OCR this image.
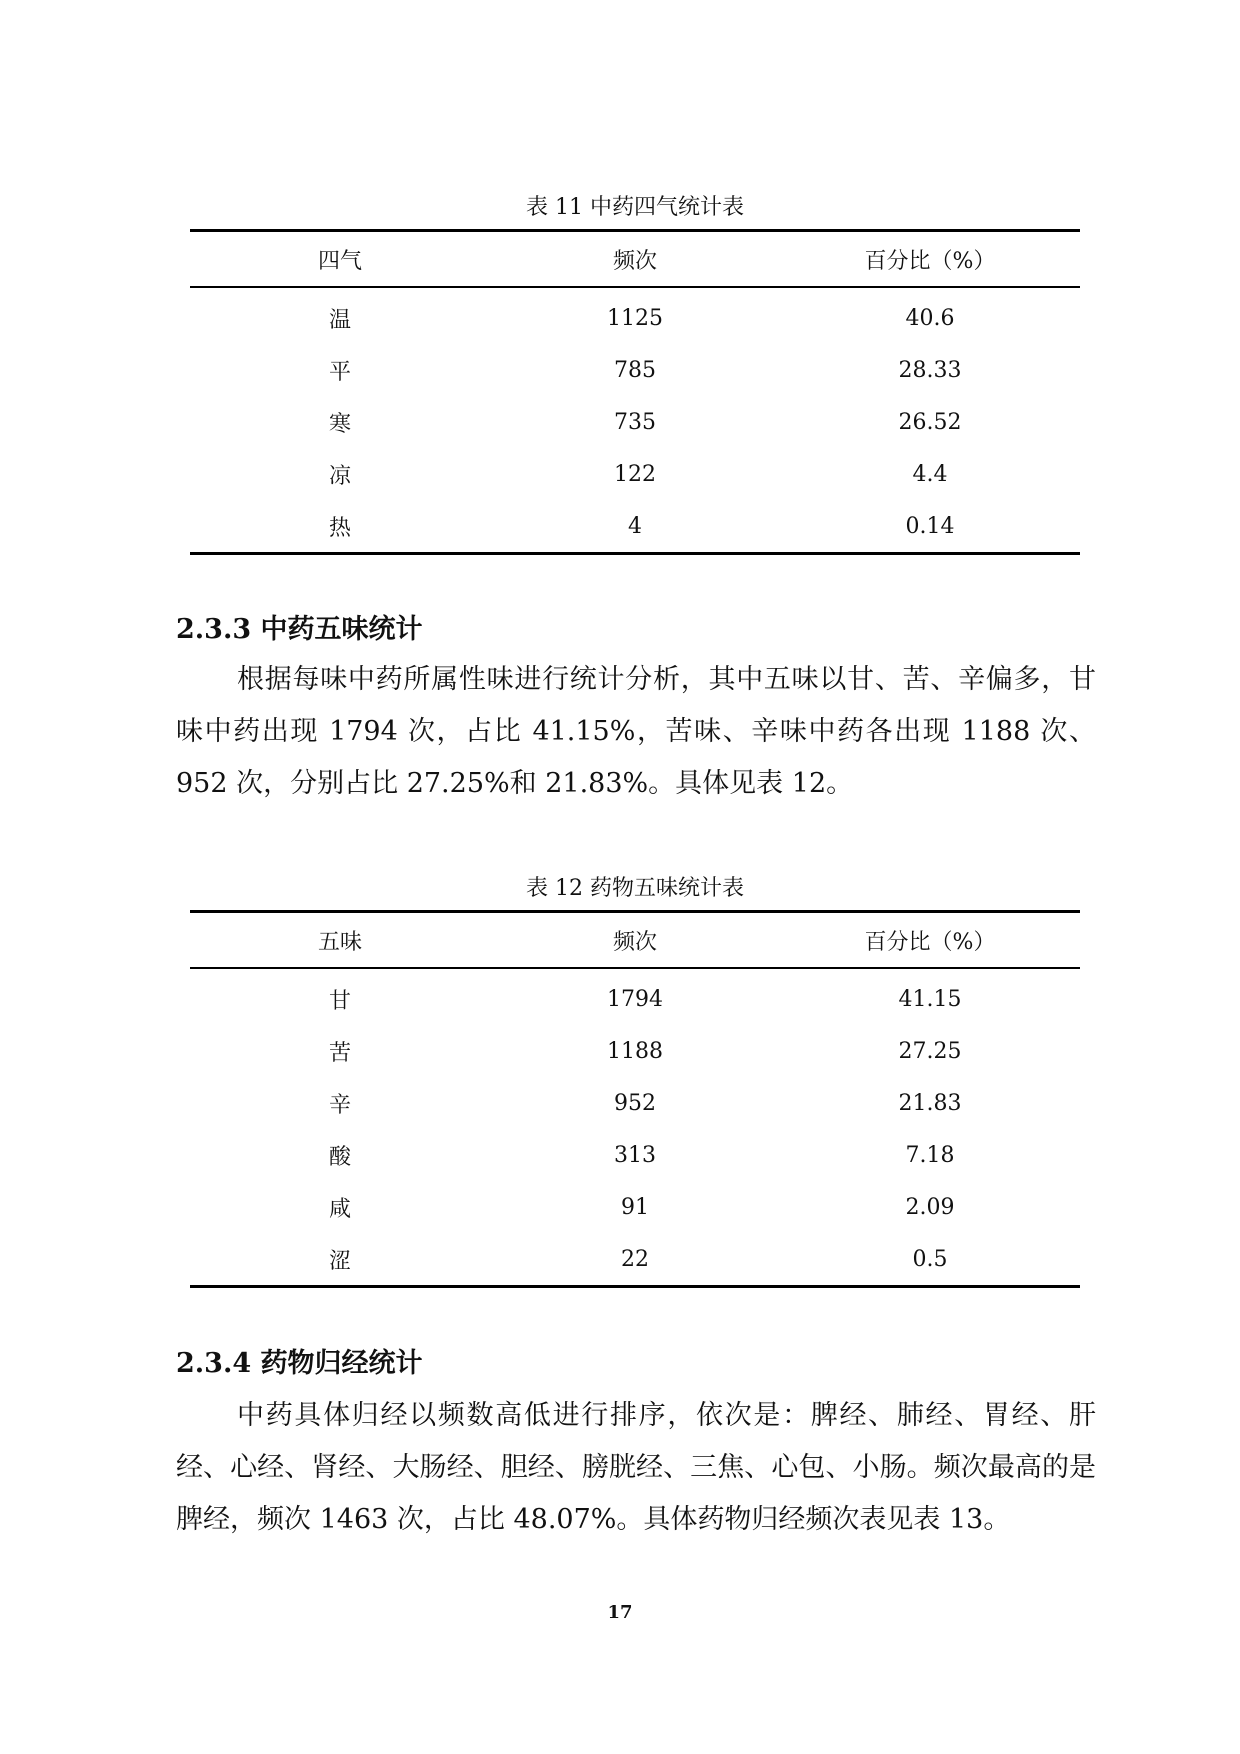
表 11 中药四气统计表
四气	频次	百分比（%）
温	1125	40.6
平	785	28.33
寒	735	26.52
凉	122	4.4
热	4	0.14
2.3.3 中药五味统计

根据每味中药所属性味进行统计分析，其中五味以甘、苦、辛偏多，甘味中药出现 1794 次，占比 41.15%，苦味、辛味中药各出现 1188 次、952 次，分别占比 27.25%和 21.83%。具体见表 12。

表 12 药物五味统计表
五味	频次	百分比（%）
甘	1794	41.15
苦	1188	27.25
辛	952	21.83
酸	313	7.18
咸	91	2.09
涩	22	0.5
2.3.4 药物归经统计

中药具体归经以频数高低进行排序，依次是：脾经、肺经、胃经、肝经、心经、肾经、大肠经、胆经、膀胱经、三焦、心包、小肠。频次最高的是脾经，频次 1463 次，占比 48.07%。具体药物归经频次表见表 13。

17
